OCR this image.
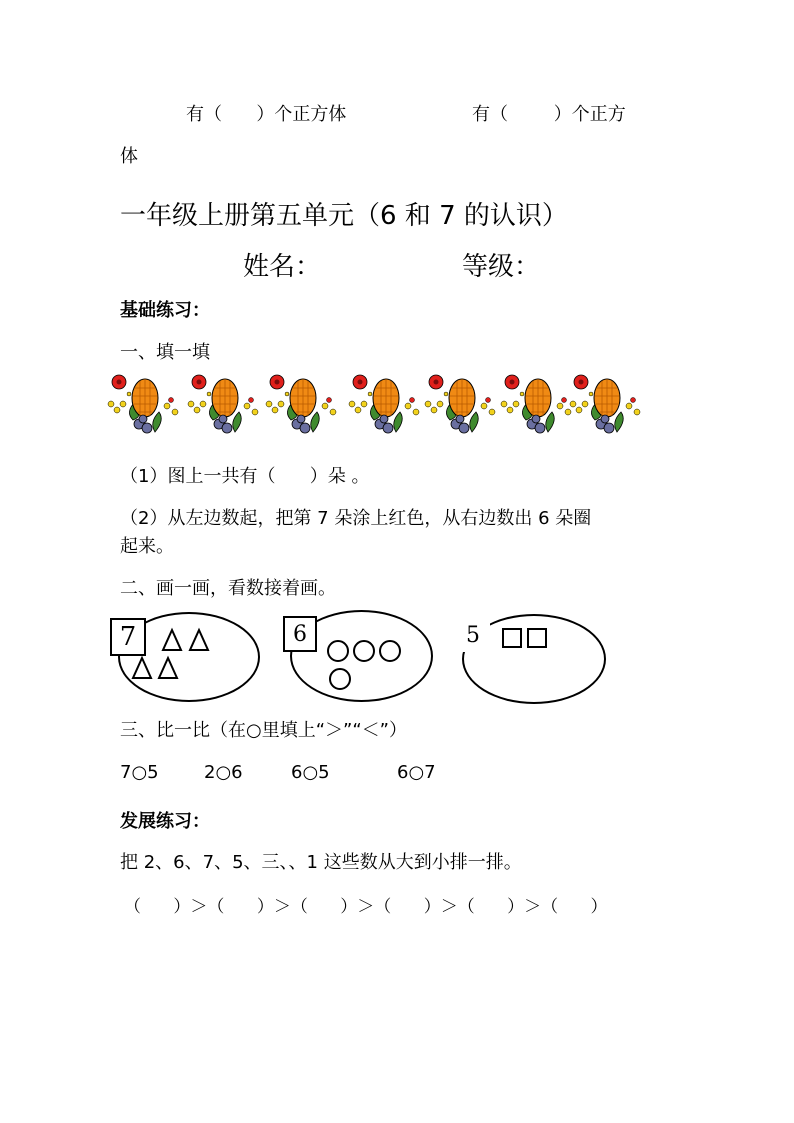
有（      ）个正方体	有（        ）个正方
体
一年级上册第五单元（6 和 7 的认识）
姓名：	等级：
基础练习：
一、填一填
（1）图上一共有（      ）朵 。
（2）从左边数起，把第 7 朵涂上红色，从右边数出 6 朵圈
起来。
二、画一画，看数接着画。
7	6	5
三、比一比（在○里填上“＞”“＜”）
7○5	2○6	6○5	6○7
发展练习：
把 2、6、7、5、三、、1 这些数从大到小排一排。
（      ）＞（      ）＞（      ）＞（      ）＞（      ）＞（      ）
